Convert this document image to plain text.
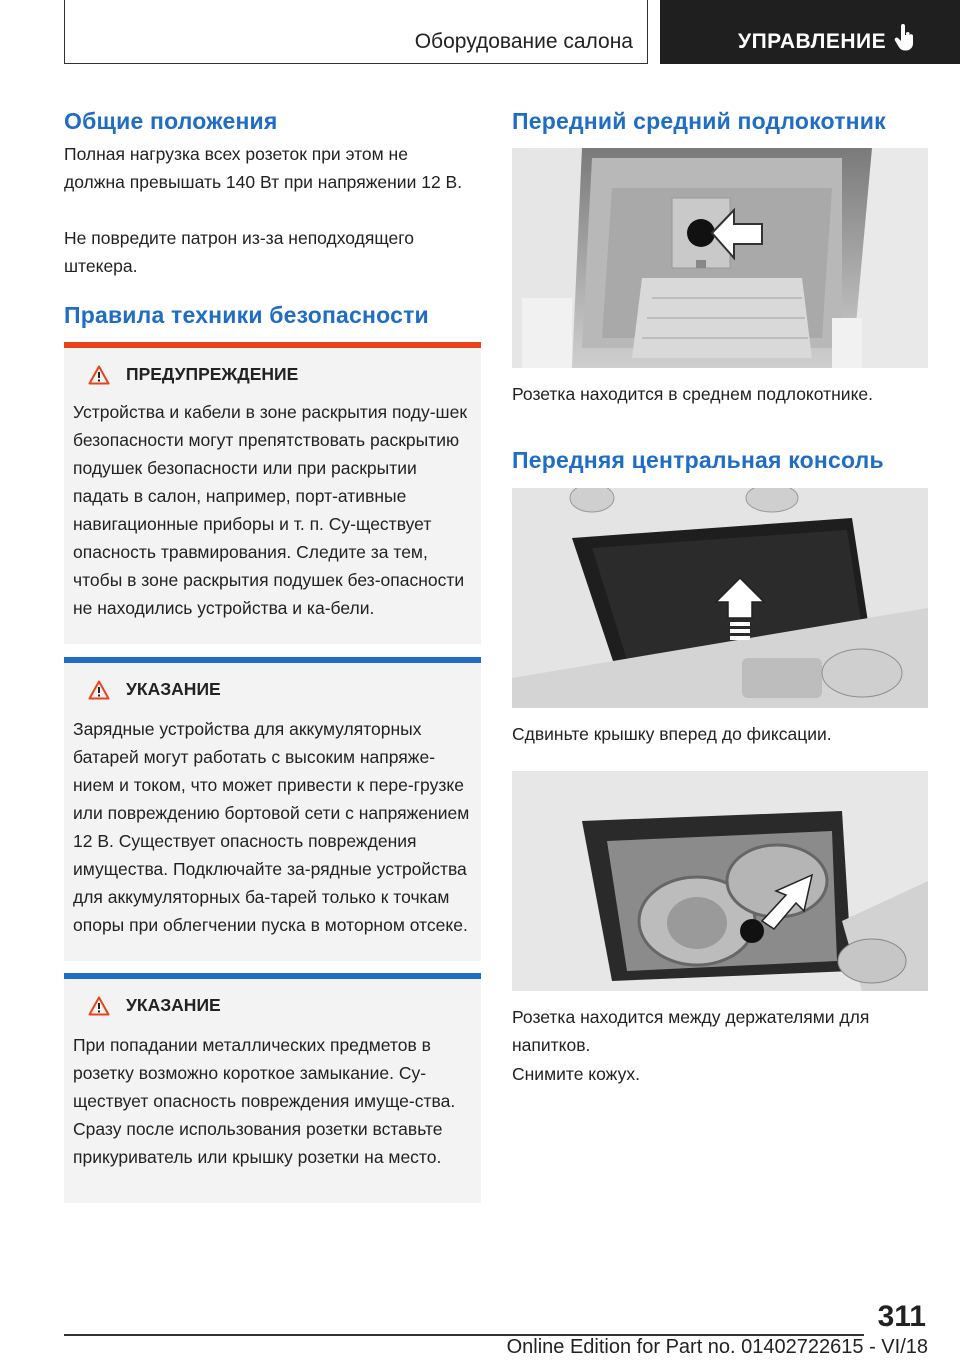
Оборудование салона	УПРАВЛЕНИЕ
Общие положения

Полная нагрузка всех розеток при этом не должна превышать 140 Вт при напряжении 12 В.

Не повредите патрон из-за неподходящего штекера.

Правила техники безопасности
ПРЕДУПРЕЖДЕНИЕ

Устройства и кабели в зоне раскрытия поду-шек безопасности могут препятствовать раскрытию подушек безопасности или при раскрытии падать в салон, например, порт-ативные навигационные приборы и т. п. Су-ществует опасность травмирования. Следите за тем, чтобы в зоне раскрытия подушек без-опасности не находились устройства и ка-бели.

УКАЗАНИЕ

Зарядные устройства для аккумуляторных батарей могут работать с высоким напряже-нием и током, что может привести к пере-грузке или повреждению бортовой сети с напряжением 12 В. Существует опасность повреждения имущества. Подключайте за-рядные устройства для аккумуляторных ба-тарей только к точкам опоры при облегчении пуска в моторном отсеке.

УКАЗАНИЕ

При попадании металлических предметов в розетку возможно короткое замыкание. Су-ществует опасность повреждения имуще-ства. Сразу после использования розетки вставьте прикуриватель или крышку розетки на место.

Передний средний подлокотник

Розетка находится в среднем подлокотнике.

Передняя центральная консоль

Сдвиньте крышку вперед до фиксации.

Розетка находится между держателями для напитков.

Снимите кожух.

311
Online Edition for Part no. 01402722615 - VI/18
